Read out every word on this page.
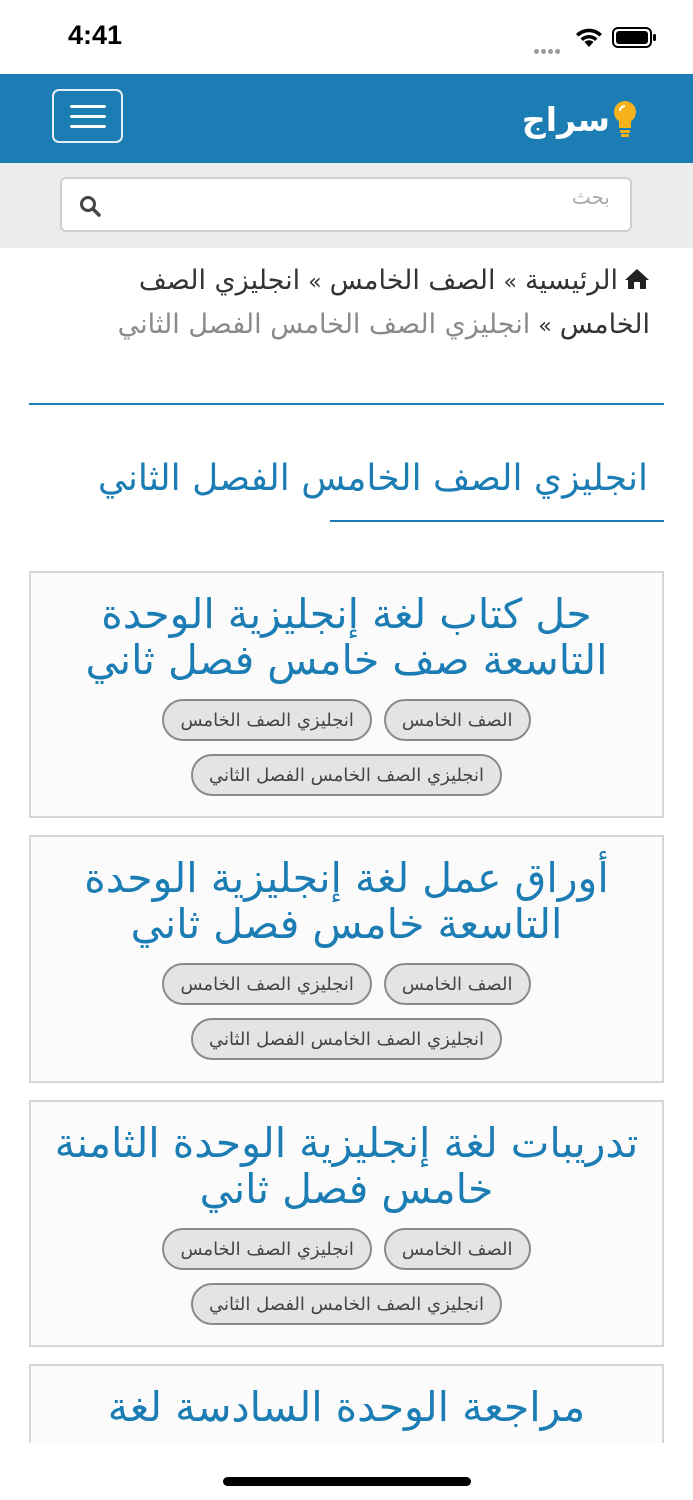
4:41
سراج
بحث
الرئيسية»الصف الخامس»انجليزي الصف الخامس»انجليزي الصف الخامس الفصل الثاني
انجليزي الصف الخامس الفصل الثاني
حل كتاب لغة إنجليزية الوحدة التاسعة صف خامس فصل ثاني
الصف الخامسانجليزي الصف الخامسانجليزي الصف الخامس الفصل الثاني
أوراق عمل لغة إنجليزية الوحدة التاسعة خامس فصل ثاني
الصف الخامسانجليزي الصف الخامسانجليزي الصف الخامس الفصل الثاني
تدريبات لغة إنجليزية الوحدة الثامنة خامس فصل ثاني
الصف الخامسانجليزي الصف الخامسانجليزي الصف الخامس الفصل الثاني
مراجعة الوحدة السادسة لغة
